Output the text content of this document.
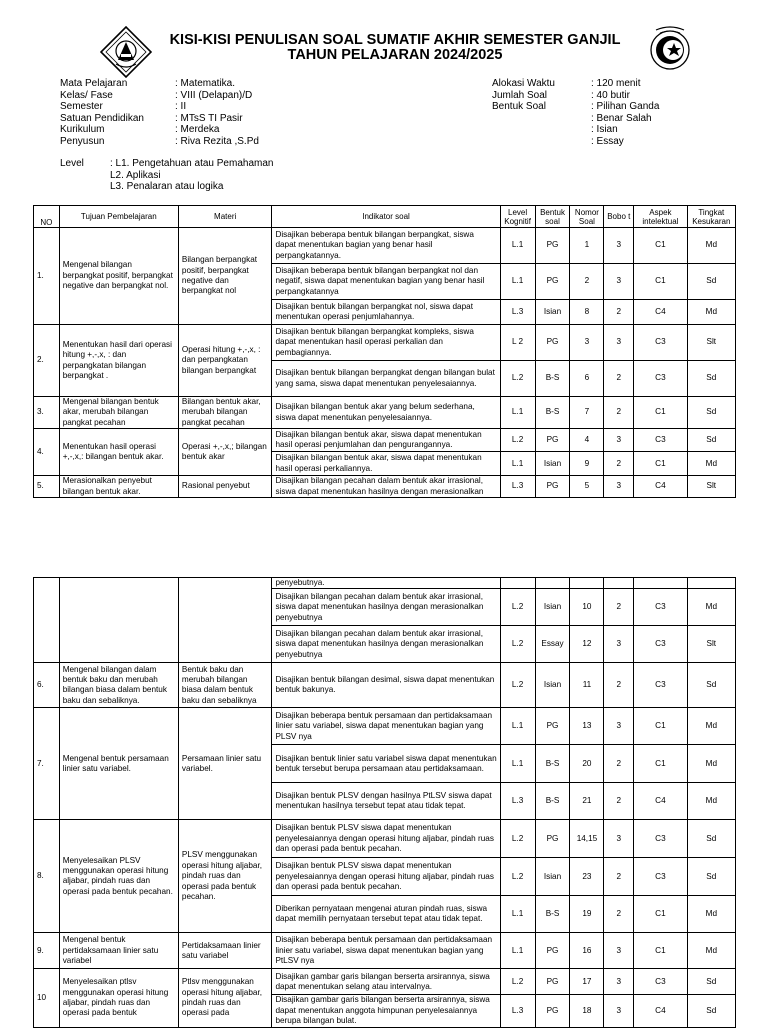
KISI-KISI PENULISAN SOAL SUMATIF AKHIR SEMESTER GANJIL
TAHUN PELAJARAN 2024/2025
Mata Pelajaran	: Matematika.
Kelas/ Fase	: VIII (Delapan)/D
Semester	: II
Satuan Pendidikan	: MTsS TI Pasir
Kurikulum	: Merdeka
Penyusun	: Riva Rezita ,S.Pd
Alokasi Waktu	: 120 menit
Jumlah Soal	: 40 butir
Bentuk Soal	: Pilihan Ganda
: Benar Salah
: Isian
: Essay
Level	: L1. Pengetahuan atau Pemahaman
L2. Aplikasi
L3. Penalaran atau logika
NO	Tujuan Pembelajaran	Materi	Indikator soal	Level Kognitif	Bentuk soal	Nomor Soal	Bobo t	Aspek intelektual	Tingkat Kesukaran
1.	Mengenal bilangan berpangkat positif, berpangkat negative dan berpangkat nol.	Bilangan berpangkat positif, berpangkat negative dan berpangkat nol	Disajikan beberapa bentuk bilangan berpangkat, siswa dapat menentukan bagian yang benar hasil perpangkatannya.	L.1	PG	1	3	C1	Md
			Disajikan beberapa bentuk bilangan berpangkat nol dan negatif, siswa dapat menentukan bagian yang benar hasil perpangkatannya	L.1	PG	2	3	C1	Sd
			Disajikan bentuk bilangan berpangkat nol, siswa dapat menentukan operasi penjumlahannya.	L.3	Isian	8	2	C4	Md
2.	Menentukan hasil dari operasi hitung +,-,x, : dan perpangkatan bilangan berpangkat .	Operasi hitung +,-,x, : dan perpangkatan bilangan berpangkat	Disajikan bentuk bilangan berpangkat kompleks, siswa dapat menentukan hasil operasi perkalian dan pembagiannya.	L 2	PG	3	3	C3	Slt
			Disajikan bentuk bilangan berpangkat dengan bilangan bulat yang sama, siswa dapat menentukan penyelesaiannya.	L.2	B-S	6	2	C3	Sd
3.	Mengenal bilangan bentuk akar, merubah bilangan pangkat pecahan	Bilangan bentuk akar, merubah bilangan pangkat pecahan	Disajikan bilangan bentuk akar yang belum sederhana, siswa dapat menentukan penyelesaiannya.	L.1	B-S	7	2	C1	Sd
4.	Menentukan hasil operasi +,-,x,: bilangan bentuk akar.	Operasi +,-,x,; bilangan bentuk akar	Disajikan bilangan bentuk akar, siswa dapat menentukan hasil operasi penjumlahan dan pengurangannya.	L.2	PG	4	3	C3	Sd
			Disajikan bilangan bentuk akar, siswa dapat menentukan hasil operasi perkaliannya.	L.1	Isian	9	2	C1	Md
5.	Merasionalkan penyebut bilangan bentuk akar.	Rasional penyebut	Disajikan bilangan pecahan dalam bentuk akar irrasional, siswa dapat menentukan hasilnya dengan merasionalkan	L.3	PG	5	3	C4	Slt
			penyebutnya.						
			Disajikan bilangan pecahan dalam bentuk akar irrasional, siswa dapat menentukan hasilnya dengan merasionalkan penyebutnya	L.2	Isian	10	2	C3	Md
			Disajikan bilangan pecahan dalam bentuk akar irrasional, siswa dapat menentukan hasilnya dengan merasionalkan penyebutnya	L.2	Essay	12	3	C3	Slt
6.	Mengenal bilangan dalam bentuk baku dan merubah bilangan biasa dalam bentuk baku dan sebaliknya.	Bentuk baku dan merubah bilangan biasa dalam bentuk baku dan sebaliknya	Disajikan bentuk bilangan desimal, siswa dapat menentukan bentuk bakunya.	L.2	Isian	11	2	C3	Sd
7.	Mengenal bentuk persamaan linier satu variabel.	Persamaan linier satu variabel.	Disajikan beberapa bentuk persamaan dan pertidaksamaan linier satu variabel, siswa dapat menentukan bagian yang PLSV nya	L.1	PG	13	3	C1	Md
			Disajikan bentuk linier satu variabel siswa dapat menentukan bentuk tersebut berupa persamaan atau pertidaksamaan.	L.1	B-S	20	2	C1	Md
			Disajikan bentuk PLSV dengan hasilnya PtLSV siswa dapat menentukan hasilnya tersebut tepat atau tidak tepat.	L.3	B-S	21	2	C4	Md
8.	Menyelesaikan PLSV menggunakan operasi hitung aljabar, pindah ruas dan operasi pada bentuk pecahan.	PLSV menggunakan operasi hitung aljabar, pindah ruas dan operasi pada bentuk pecahan.	Disajikan bentuk PLSV siswa dapat menentukan penyelesaiannya dengan operasi hitung aljabar, pindah ruas dan operasi pada bentuk pecahan.	L.2	PG	14,15	3	C3	Sd
			Disajikan bentuk PLSV siswa dapat menentukan penyelesaiannya dengan operasi hitung aljabar, pindah ruas dan operasi pada bentuk pecahan.	L.2	Isian	23	2	C3	Sd
			Diberikan pernyataan mengenai aturan pindah ruas, siswa dapat memilih pernyataan tersebut tepat atau tidak tepat.	L.1	B-S	19	2	C1	Md
9.	Mengenal bentuk pertidaksamaan linier satu variabel	Pertidaksamaan linier satu variabel	Disajikan beberapa bentuk persamaan dan pertidaksamaan linier satu variabel, siswa dapat menentukan bagian yang PtLSV nya	L.1	PG	16	3	C1	Md
10	Menyelesaikan ptlsv menggunakan operasi hitung aljabar, pindah ruas dan operasi pada bentuk	Ptlsv menggunakan operasi hitung aljabar, pindah ruas dan operasi pada	Disajikan gambar garis bilangan berserta arsirannya, siswa dapat menentukan selang atau intervalnya.	L.2	PG	17	3	C3	Sd
			Disajikan gambar garis bilangan berserta arsirannya, siswa dapat menentukan anggota himpunan penyelesaiannya berupa bilangan bulat.	L.3	PG	18	3	C4	Sd
